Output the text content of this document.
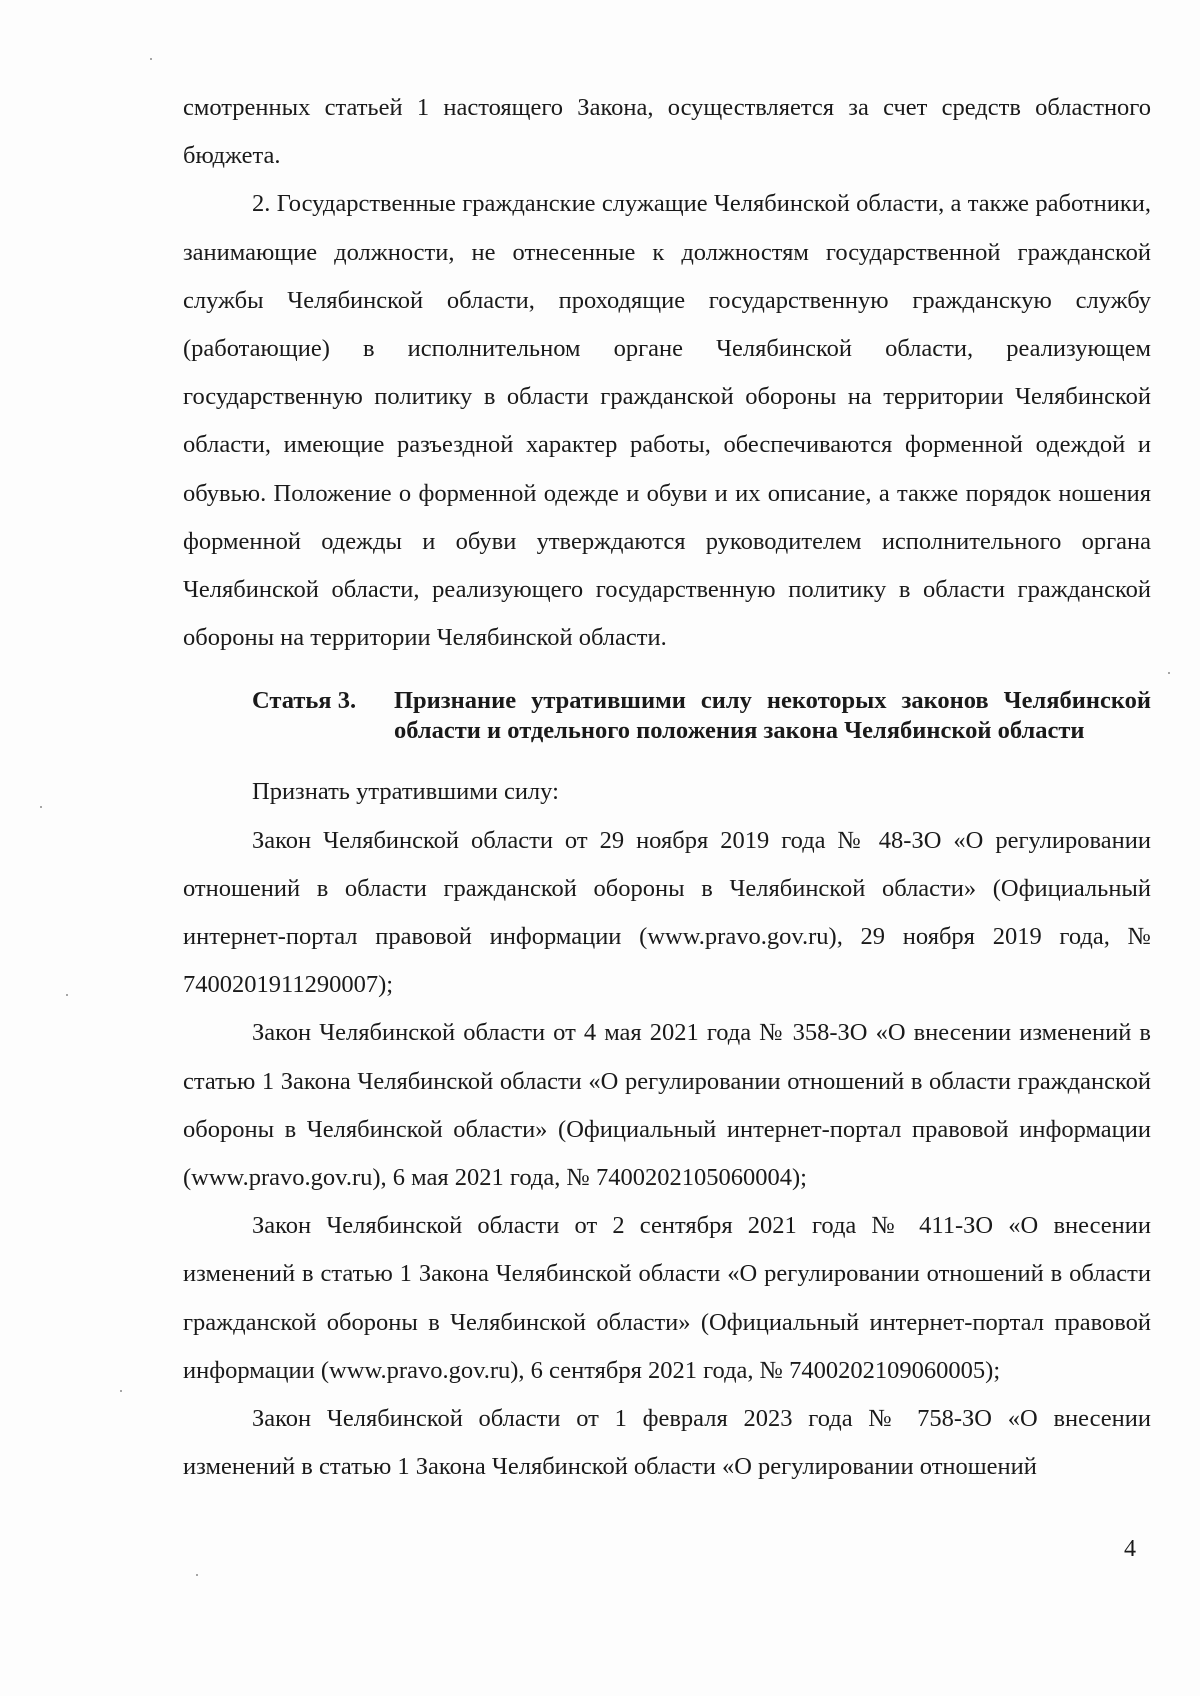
смотренных статьей 1 настоящего Закона, осуществляется за счет средств областного бюджета.

2. Государственные гражданские служащие Челябинской области, а также работники, занимающие должности, не отнесенные к должностям государственной гражданской службы Челябинской области, проходящие государственную гражданскую службу (работающие) в исполнительном органе Челябинской области, реализующем государственную политику в области гражданской обороны на территории Челябинской области, имеющие разъездной характер работы, обеспечиваются форменной одеждой и обувью. Положение о форменной одежде и обуви и их описание, а также порядок ношения форменной одежды и обуви утверждаются руководителем исполнительного органа Челябинской области, реализующего государственную политику в области гражданской обороны на территории Челябинской области.

Статья 3.	Признание утратившими силу некоторых законов Челябинской области и отдельного положения закона Челябинской области

Признать утратившими силу:

Закон Челябинской области от 29 ноября 2019 года № 48-ЗО «О регулировании отношений в области гражданской обороны в Челябинской области» (Официальный интернет-портал правовой информации (www.pravo.gov.ru), 29 ноября 2019 года, № 7400201911290007);

Закон Челябинской области от 4 мая 2021 года № 358-ЗО «О внесении изменений в статью 1 Закона Челябинской области «О регулировании отношений в области гражданской обороны в Челябинской области» (Официальный интернет-портал правовой информации (www.pravo.gov.ru), 6 мая 2021 года, № 7400202105060004);

Закон Челябинской области от 2 сентября 2021 года № 411-ЗО «О внесении изменений в статью 1 Закона Челябинской области «О регулировании отношений в области гражданской обороны в Челябинской области» (Официальный интернет-портал правовой информации (www.pravo.gov.ru), 6 сентября 2021 года, № 7400202109060005);

Закон Челябинской области от 1 февраля 2023 года № 758-ЗО «О внесении изменений в статью 1 Закона Челябинской области «О регулировании отношений

4
